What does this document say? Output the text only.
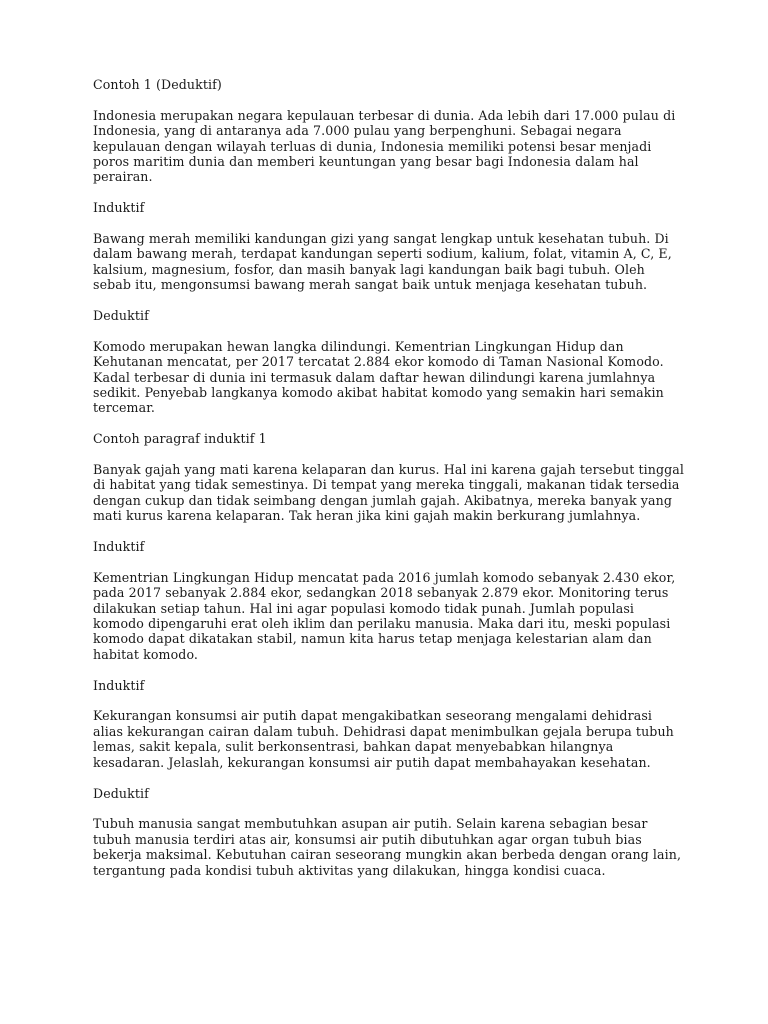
Contoh 1 (Deduktif)
Indonesia merupakan negara kepulauan terbesar di dunia. Ada lebih dari 17.000 pulau di Indonesia, yang di antaranya ada 7.000 pulau yang berpenghuni. Sebagai negara kepulauan dengan wilayah terluas di dunia, Indonesia memiliki potensi besar menjadi poros maritim dunia dan memberi keuntungan yang besar bagi Indonesia dalam hal perairan.
Induktif
Bawang merah memiliki kandungan gizi yang sangat lengkap untuk kesehatan tubuh. Di dalam bawang merah, terdapat kandungan seperti sodium, kalium, folat, vitamin A, C, E, kalsium, magnesium, fosfor, dan masih banyak lagi kandungan baik bagi tubuh. Oleh sebab itu, mengonsumsi bawang merah sangat baik untuk menjaga kesehatan tubuh.
Deduktif
Komodo merupakan hewan langka dilindungi. Kementrian Lingkungan Hidup dan Kehutanan mencatat, per 2017 tercatat 2.884 ekor komodo di Taman Nasional Komodo. Kadal terbesar di dunia ini termasuk dalam daftar hewan dilindungi karena jumlahnya sedikit. Penyebab langkanya komodo akibat habitat komodo yang semakin hari semakin tercemar.
Contoh paragraf induktif 1
Banyak gajah yang mati karena kelaparan dan kurus. Hal ini karena gajah tersebut tinggal di habitat yang tidak semestinya. Di tempat yang mereka tinggali, makanan tidak tersedia dengan cukup dan tidak seimbang dengan jumlah gajah. Akibatnya, mereka banyak yang mati kurus karena kelaparan. Tak heran jika kini gajah makin berkurang jumlahnya.
Induktif
Kementrian Lingkungan Hidup mencatat pada 2016 jumlah komodo sebanyak 2.430 ekor, pada 2017 sebanyak 2.884 ekor, sedangkan 2018 sebanyak 2.879 ekor. Monitoring terus dilakukan setiap tahun. Hal ini agar populasi komodo tidak punah. Jumlah populasi komodo dipengaruhi erat oleh iklim dan perilaku manusia. Maka dari itu, meski populasi komodo dapat dikatakan stabil, namun kita harus tetap menjaga kelestarian alam dan habitat komodo.
Induktif
Kekurangan konsumsi air putih dapat mengakibatkan seseorang mengalami dehidrasi alias kekurangan cairan dalam tubuh. Dehidrasi dapat menimbulkan gejala berupa tubuh lemas, sakit kepala, sulit berkonsentrasi, bahkan dapat menyebabkan hilangnya kesadaran. Jelaslah, kekurangan konsumsi air putih dapat membahayakan kesehatan.
Deduktif
Tubuh manusia sangat membutuhkan asupan air putih. Selain karena sebagian besar tubuh manusia terdiri atas air, konsumsi air putih dibutuhkan agar organ tubuh bias bekerja maksimal. Kebutuhan cairan seseorang mungkin akan berbeda dengan orang lain, tergantung pada kondisi tubuh aktivitas yang dilakukan, hingga kondisi cuaca.
